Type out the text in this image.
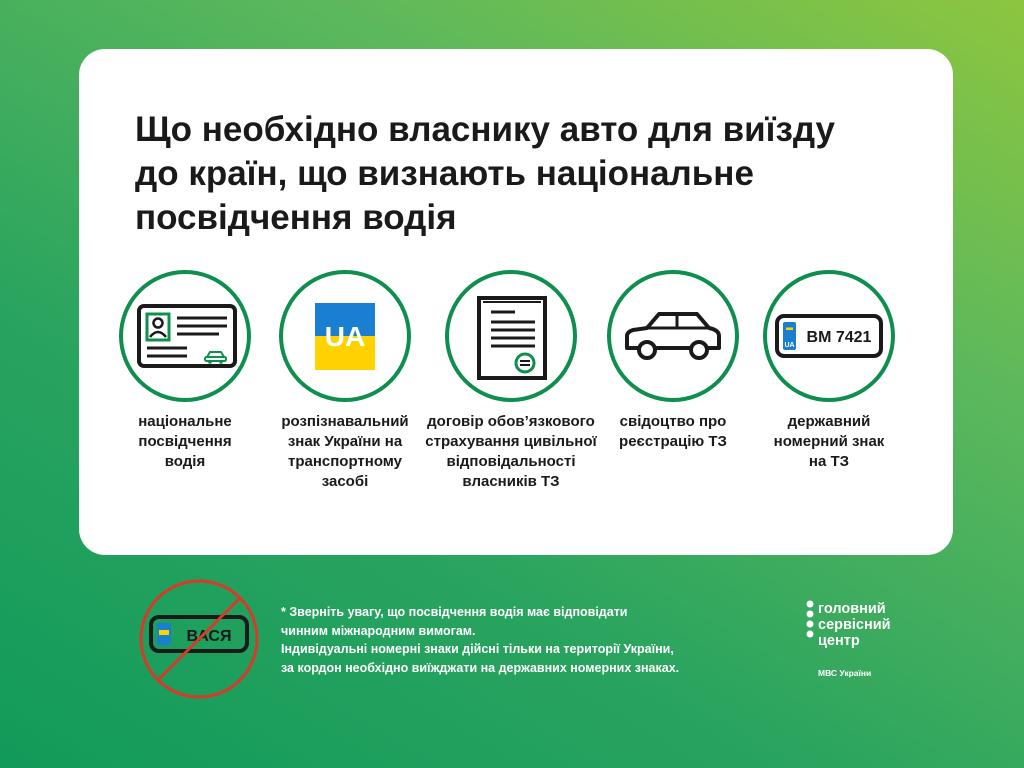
Що необхідно власнику авто для виїзду
до країн, що визнають національне
посвідчення водія
національне
посвідчення
водія
UA
розпізнавальний
знак України на
транспортному
засобі
договір обов’язкового
страхування цивільної
відповідальності
власників ТЗ
свідоцтво про
реєстрацію ТЗ
UA BM 7421
державний
номерний знак
на ТЗ
ВАСЯ
* Зверніть увагу, що посвідчення водія має відповідати
чинним міжнародним вимогам.
Індивідуальні номерні знаки дійсні тільки на території України,
за кордон необхідно виїжджати на державних номерних знаках.
головний
сервісний
центр
МВС України
